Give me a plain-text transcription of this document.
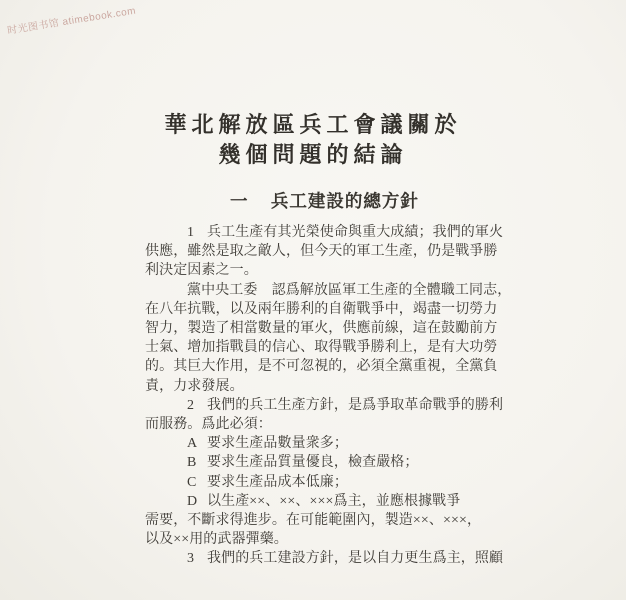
时光图书馆 atimebook.com
華北解放區兵工會議關於
幾個問題的結論
一 兵工建設的總方針
1 兵工生產有其光榮使命與重大成績；我們的軍火
供應，雖然是取之敵人，但今天的軍工生產，仍是戰爭勝
利決定因素之一。
黨中央工委　認爲解放區軍工生產的全體職工同志，
在八年抗戰，以及兩年勝利的自衛戰爭中，竭盡一切勞力
智力，製造了相當數量的軍火，供應前線，這在鼓勵前方
士氣、增加指戰員的信心、取得戰爭勝利上，是有大功勞
的。其巨大作用，是不可忽視的，必須全黨重視，全黨負
責，力求發展。
2 我們的兵工生產方針，是爲爭取革命戰爭的勝利
而服務。爲此必須：
A 要求生產品數量衆多；
B 要求生產品質量優良，檢查嚴格；
C 要求生產品成本低廉；
D 以生產××、××、×××爲主，並應根據戰爭
需要，不斷求得進步。在可能範圍內，製造××、×××，
以及××用的武器彈藥。
3 我們的兵工建設方針，是以自力更生爲主，照顧
